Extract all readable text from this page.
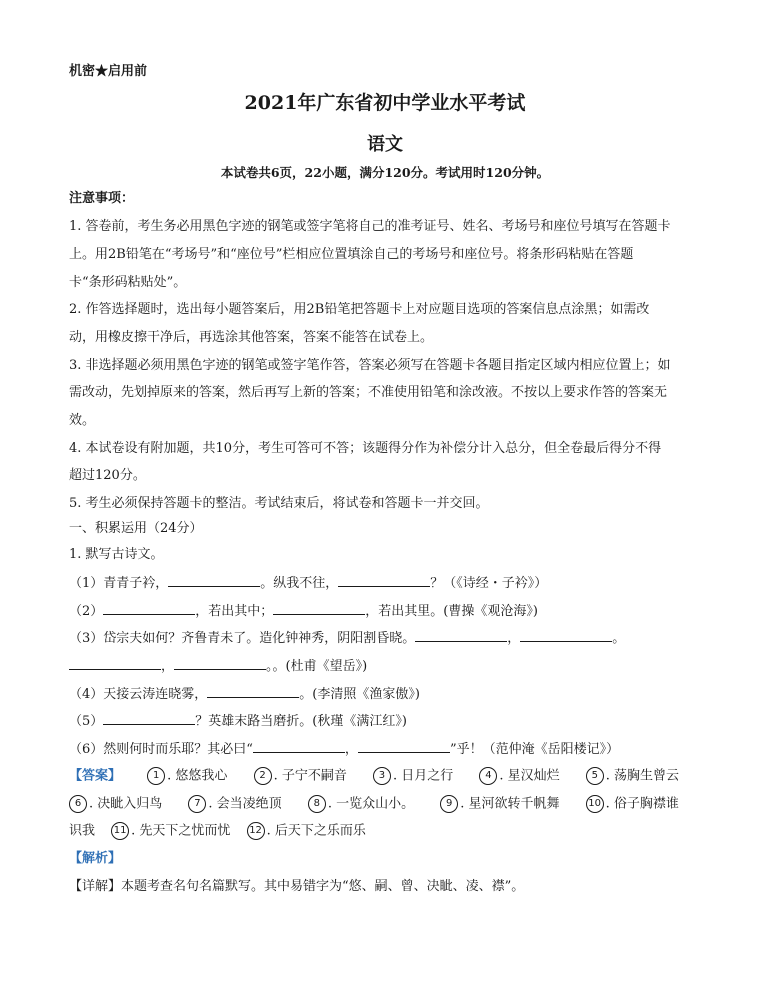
机密★启用前
2021年广东省初中学业水平考试
语文
本试卷共6页，22小题，满分120分。考试用时120分钟。
注意事项：
1. 答卷前，考生务必用黑色字迹的钢笔或签字笔将自己的准考证号、姓名、考场号和座位号填写在答题卡
上。用2B铅笔在“考场号”和“座位号”栏相应位置填涂自己的考场号和座位号。将条形码粘贴在答题
卡“条形码粘贴处”。
2. 作答选择题时，选出每小题答案后，用2B铅笔把答题卡上对应题目选项的答案信息点涂黑；如需改
动，用橡皮擦干净后，再选涂其他答案，答案不能答在试卷上。
3. 非选择题必须用黑色字迹的钢笔或签字笔作答，答案必须写在答题卡各题目指定区域内相应位置上；如
需改动，先划掉原来的答案，然后再写上新的答案；不准使用铅笔和涂改液。不按以上要求作答的答案无
效。
4. 本试卷设有附加题，共10分，考生可答可不答；该题得分作为补偿分计入总分，但全卷最后得分不得
超过120分。
5. 考生必须保持答题卡的整洁。考试结束后，将试卷和答题卡一并交回。
一、积累运用（24分）
1. 默写古诗文。
（1）青青子衿，	。纵我不往，	？（《诗经・子衿》）
（2）	，若出其中；	，若出其里。(曹操《观沧海》)
（3）岱宗夫如何？齐鲁青未了。造化钟神秀，阴阳割昏晓。	，	。
，	。。(杜甫《望岳》)
（4）天接云涛连晓雾，	。(李清照《渔家傲》)
（5）	？英雄末路当磨折。(秋瑾《满江红》)
（6）然则何时而乐耶？其必曰“	，	”乎！（范仲淹《岳阳楼记》）
【答案】	1 . 悠悠我心	2 . 子宁不嗣音	3 . 日月之行	4 . 星汉灿烂	5 . 荡胸生曾云
6 . 决眦入归鸟	7 . 会当凌绝顶	8 . 一览众山小。	9 . 星河欲转千帆舞	10 . 俗子胸襟谁
识我 11 . 先天下之忧而忧 12 . 后天下之乐而乐
【解析】
【详解】本题考查名句名篇默写。其中易错字为“悠、嗣、曾、决眦、凌、襟”。
